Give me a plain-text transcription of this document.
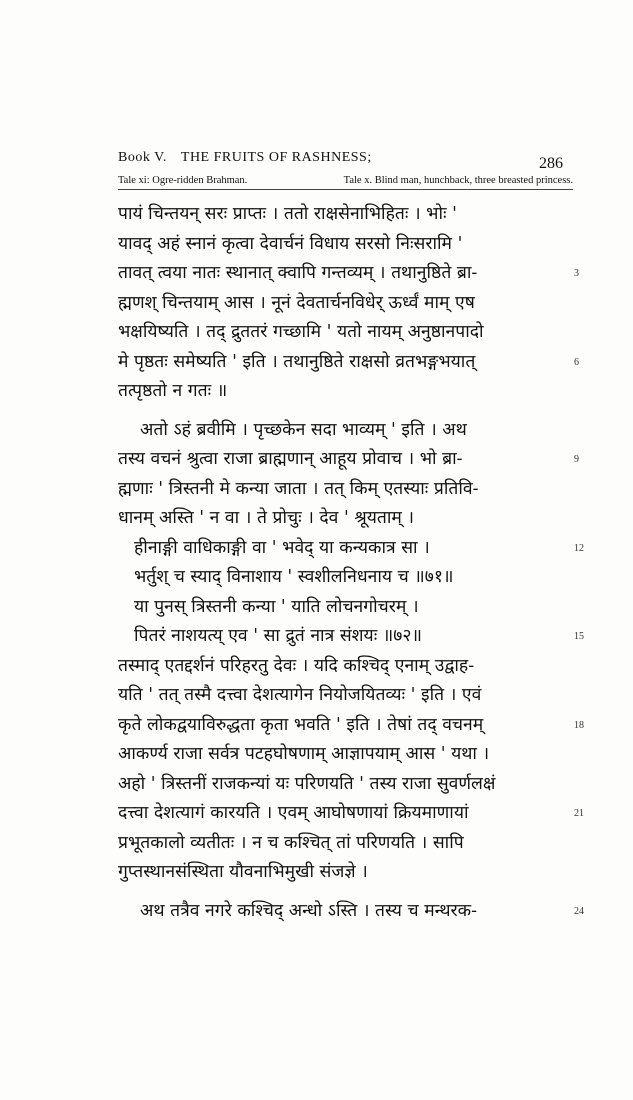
Book V. THE FRUITS OF RASHNESS;	286
Tale xi: Ogre-ridden Brahman.	Tale x. Blind man, hunchback, three breasted princess.
पायं चिन्तयन् सरः प्राप्तः । ततो राक्षसेनाभिहितः । भोः '
यावद् अहं स्नानं कृत्वा देवार्चनं विधाय सरसो निःसरामि '
तावत् त्वया नातः स्थानात् क्वापि गन्तव्यम् । तथानुष्ठिते ब्रा-	3
ह्मणश् चिन्तयाम् आस । नूनं देवतार्चनविधेर् ऊर्ध्वं माम् एष
भक्षयिष्यति । तद् द्रुततरं गच्छामि ' यतो नायम् अनुष्ठानपादो
मे पृष्ठतः समेष्यति ' इति । तथानुष्ठिते राक्षसो व्रतभङ्गभयात्	6
तत्पृष्ठतो न गतः ॥
अतो ऽहं ब्रवीमि । पृच्छकेन सदा भाव्यम् ' इति । अथ
तस्य वचनं श्रुत्वा राजा ब्राह्मणान् आहूय प्रोवाच । भो ब्रा-	9
ह्मणाः ' त्रिस्तनी मे कन्या जाता । तत् किम् एतस्याः प्रतिवि-
धानम् अस्ति ' न वा । ते प्रोचुः । देव ' श्रूयताम् ।
हीनाङ्गी वाधिकाङ्गी वा ' भवेद् या कन्यकात्र सा ।	12
भर्तुश् च स्याद् विनाशाय ' स्वशीलनिधनाय च ॥७१॥
या पुनस् त्रिस्तनी कन्या ' याति लोचनगोचरम् ।
पितरं नाशयत्य् एव ' सा द्रुतं नात्र संशयः ॥७२॥	15
तस्माद् एतद्दर्शनं परिहरतु देवः । यदि कश्चिद् एनाम् उद्वाह-
यति ' तत् तस्मै दत्त्वा देशत्यागेन नियोजयितव्यः ' इति । एवं
कृते लोकद्वयाविरुद्धता कृता भवति ' इति । तेषां तद् वचनम्	18
आकर्ण्य राजा सर्वत्र पटहघोषणाम् आज्ञापयाम् आस ' यथा ।
अहो ' त्रिस्तनीं राजकन्यां यः परिणयति ' तस्य राजा सुवर्णलक्षं
दत्त्वा देशत्यागं कारयति । एवम् आघोषणायां क्रियमाणायां	21
प्रभूतकालो व्यतीतः । न च कश्चित् तां परिणयति । सापि
गुप्तस्थानसंस्थिता यौवनाभिमुखी संजज्ञे ।
अथ तत्रैव नगरे कश्चिद् अन्धो ऽस्ति । तस्य च मन्थरक-	24
